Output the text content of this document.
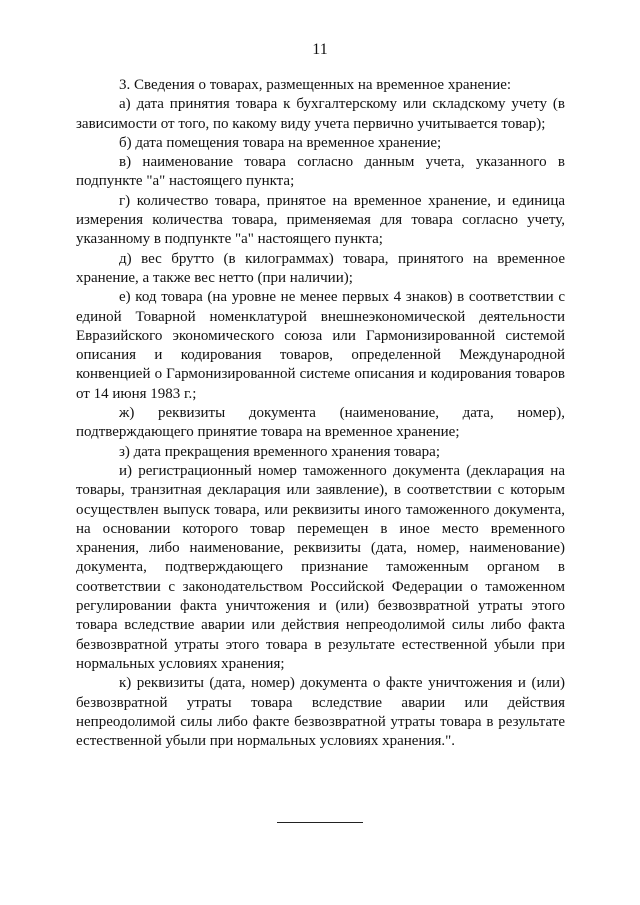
11

3. Сведения о товарах, размещенных на временное хранение:

а) дата принятия товара к бухгалтерскому или складскому учету (в зависимости от того, по какому виду учета первично учитывается товар);

б) дата помещения товара на временное хранение;

в) наименование товара согласно данным учета, указанного в подпункте "а" настоящего пункта;

г) количество товара, принятое на временное хранение, и единица измерения количества товара, применяемая для товара согласно учету, указанному в подпункте "а" настоящего пункта;

д) вес брутто (в килограммах) товара, принятого на временное хранение, а также вес нетто (при наличии);

е) код товара (на уровне не менее первых 4 знаков) в соответствии с единой Товарной номенклатурой внешнеэкономической деятельности Евразийского экономического союза или Гармонизированной системой описания и кодирования товаров, определенной Международной конвенцией о Гармонизированной системе описания и кодирования товаров от 14 июня 1983 г.;

ж) реквизиты документа (наименование, дата, номер), подтверждающего принятие товара на временное хранение;

з) дата прекращения временного хранения товара;

и) регистрационный номер таможенного документа (декларация на товары, транзитная декларация или заявление), в соответствии с которым осуществлен выпуск товара, или реквизиты иного таможенного документа, на основании которого товар перемещен в иное место временного хранения, либо наименование, реквизиты (дата, номер, наименование) документа, подтверждающего признание таможенным органом в соответствии с законодательством Российской Федерации о таможенном регулировании факта уничтожения и (или) безвозвратной утраты этого товара вследствие аварии или действия непреодолимой силы либо факта безвозвратной утраты этого товара в результате естественной убыли при нормальных условиях хранения;

к) реквизиты (дата, номер) документа о факте уничтожения и (или) безвозвратной утраты товара вследствие аварии или действия непреодолимой силы либо факте безвозвратной утраты товара в результате естественной убыли при нормальных условиях хранения.".
